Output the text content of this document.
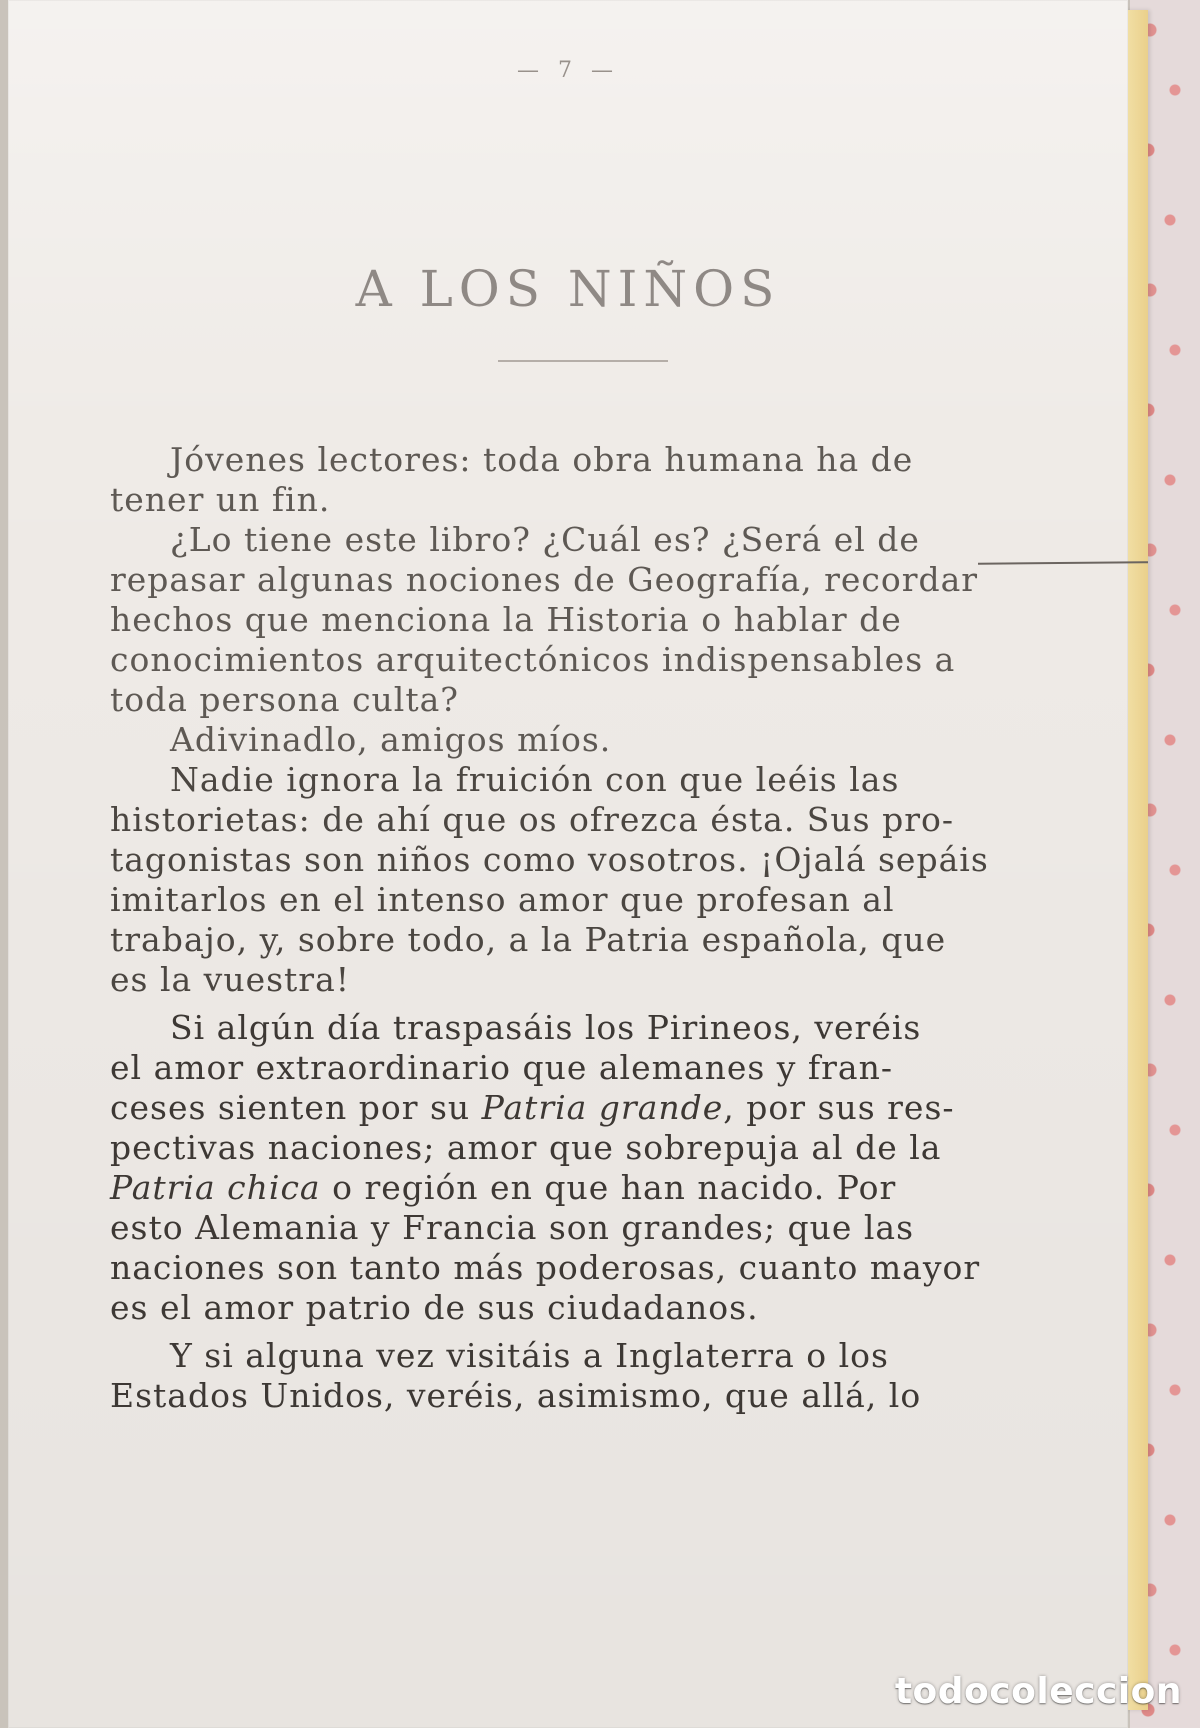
— 7 —
A LOS NIÑOS

Jóvenes lectores: toda obra humana ha de

tener un fin.

¿Lo tiene este libro? ¿Cuál es? ¿Será el de

repasar algunas nociones de Geografía, recordar

hechos que menciona la Historia o hablar de

conocimientos arquitectónicos indispensables a

toda persona culta?

Adivinadlo, amigos míos.

Nadie ignora la fruición con que leéis las

historietas: de ahí que os ofrezca ésta. Sus pro-

tagonistas son niños como vosotros. ¡Ojalá sepáis

imitarlos en el intenso amor que profesan al

trabajo, y, sobre todo, a la Patria española, que

es la vuestra!

Si algún día traspasáis los Pirineos, veréis

el amor extraordinario que alemanes y fran-

ceses sienten por su Patria grande, por sus res-

pectivas naciones; amor que sobrepuja al de la

Patria chica o región en que han nacido. Por

esto Alemania y Francia son grandes; que las

naciones son tanto más poderosas, cuanto mayor

es el amor patrio de sus ciudadanos.

Y si alguna vez visitáis a Inglaterra o los

Estados Unidos, veréis, asimismo, que allá, lo

todocoleccion
